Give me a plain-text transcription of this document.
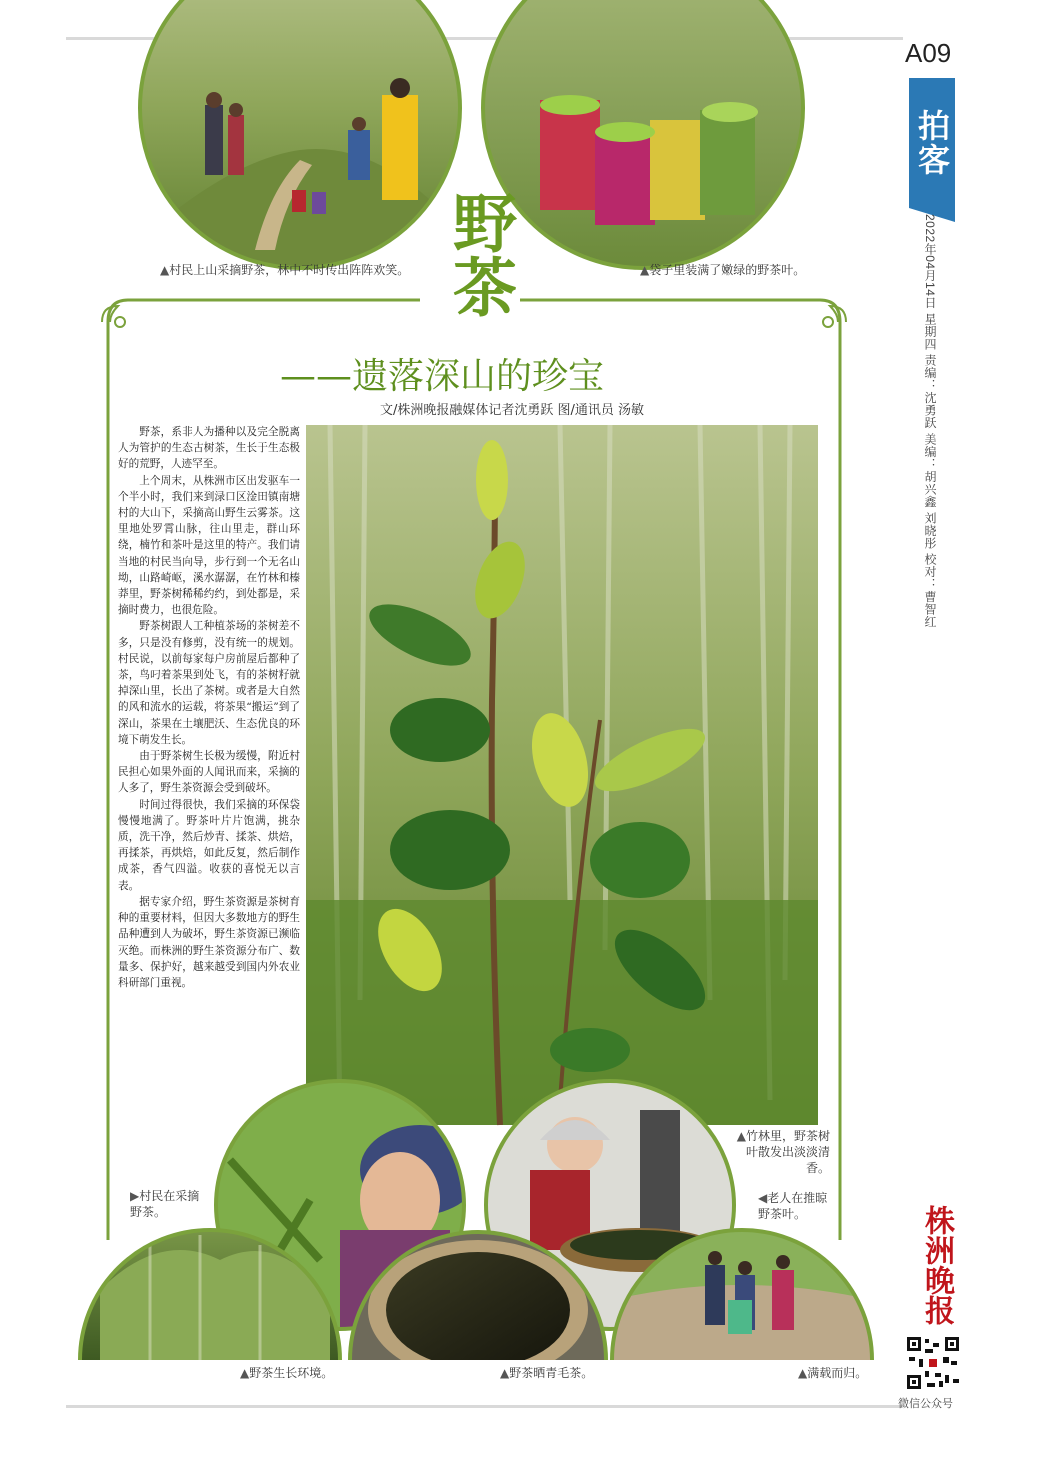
A09
拍客
2022年04月14日 星期四 责编：沈勇跃 美编：胡兴鑫 刘晓彤 校对：曹智红
株洲晚报
微信公众号
野茶
——遗落深山的珍宝
文/株洲晚报融媒体记者沈勇跃 图/通讯员 汤敏

野茶，系非人为播种以及完全脱离人为管护的生态古树茶，生长于生态极好的荒野，人迹罕至。

上个周末，从株洲市区出发驱车一个半小时，我们来到渌口区淦田镇南塘村的大山下，采摘高山野生云雾茶。这里地处罗霄山脉，往山里走，群山环绕，楠竹和茶叶是这里的特产。我们请当地的村民当向导，步行到一个无名山坳，山路崎岖，溪水潺潺，在竹林和榛莽里，野茶树稀稀约约，到处都是，采摘时费力，也很危险。

野茶树跟人工种植茶场的茶树差不多，只是没有修剪，没有统一的规划。村民说，以前每家每户房前屋后都种了茶，鸟叼着茶果到处飞，有的茶树籽就掉深山里，长出了茶树。或者是大自然的风和流水的运载，将茶果“搬运”到了深山，茶果在土壤肥沃、生态优良的环境下萌发生长。

由于野茶树生长极为缓慢，附近村民担心如果外面的人闻讯而来，采摘的人多了，野生茶资源会受到破坏。

时间过得很快，我们采摘的环保袋慢慢地满了。野茶叶片片饱满，挑杂质，洗干净，然后炒青、揉茶、烘焙，再揉茶，再烘焙，如此反复，然后制作成茶，香气四溢。收获的喜悦无以言表。

据专家介绍，野生茶资源是茶树育种的重要材料，但因大多数地方的野生品种遭到人为破坏，野生茶资源已濒临灭绝。而株洲的野生茶资源分布广、数量多、保护好，越来越受到国内外农业科研部门重视。

▲村民上山采摘野茶，林中不时传出阵阵欢笑。	▲袋子里装满了嫩绿的野茶叶。
▲竹林里，野茶树叶散发出淡淡清香。
▶村民在采摘野茶。
◀老人在推晾野茶叶。
▲野茶生长环境。	▲野茶晒青毛茶。	▲满载而归。
